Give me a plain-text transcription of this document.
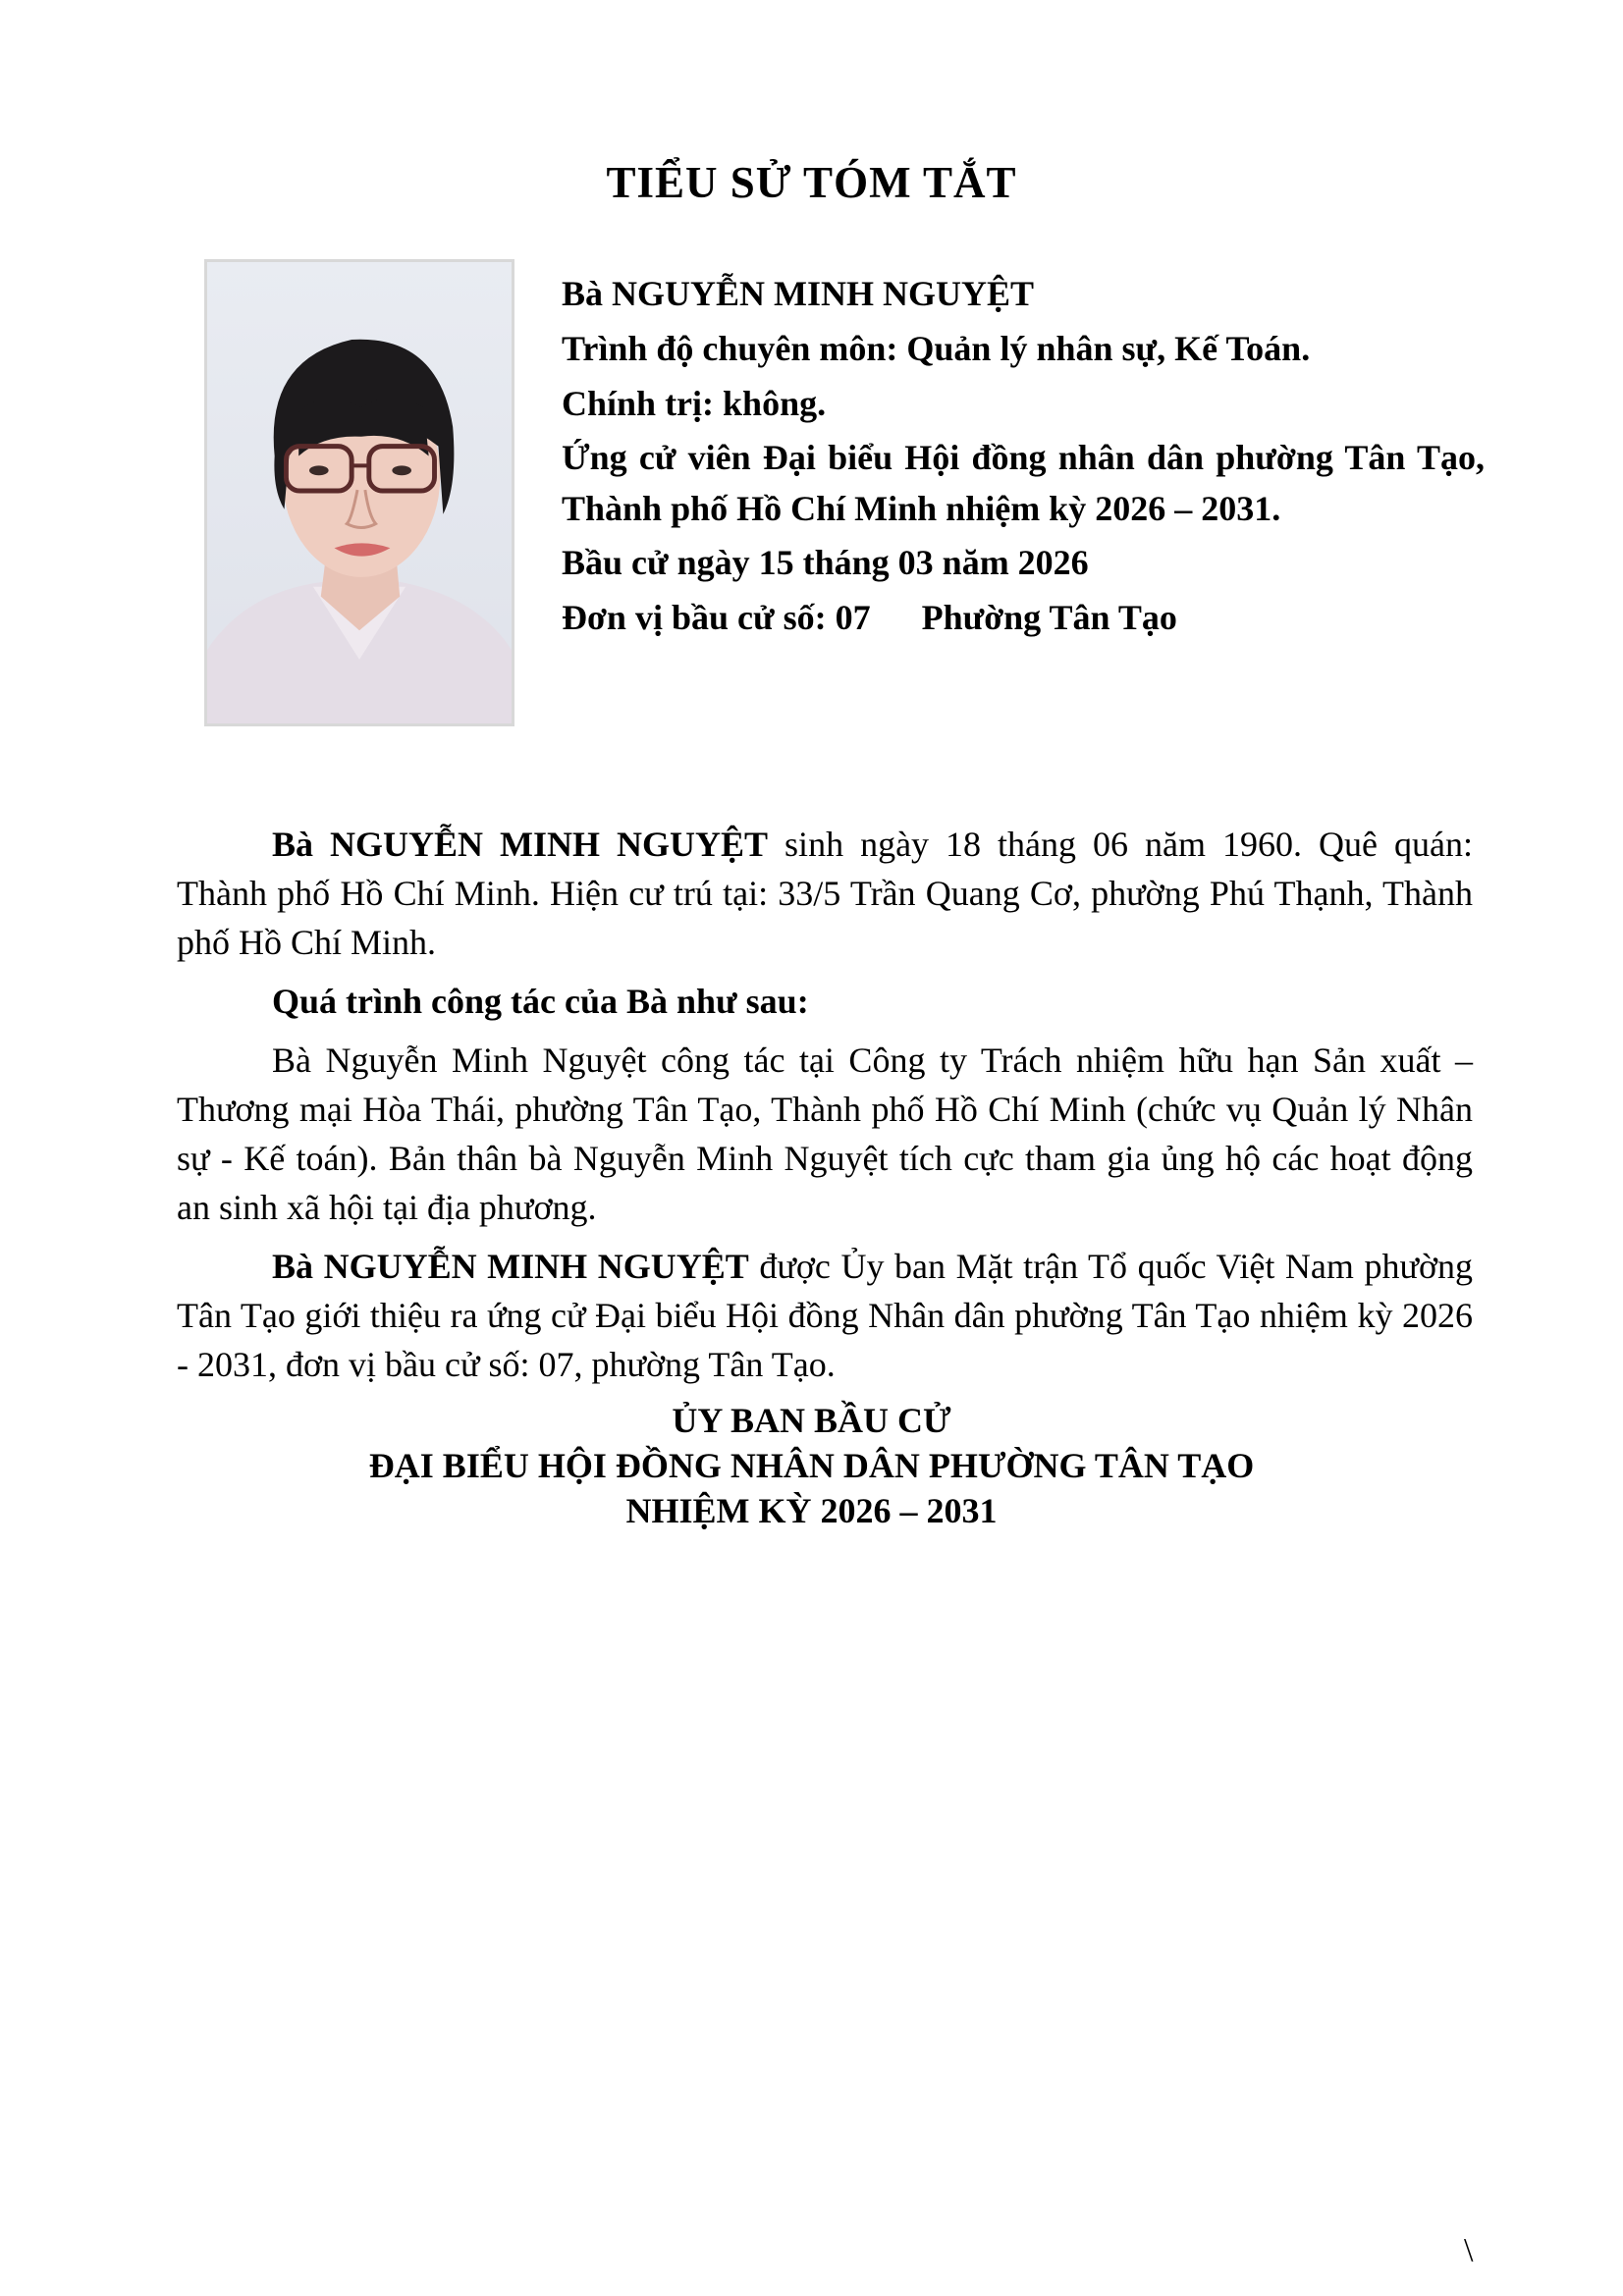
TIỂU SỬ TÓM TẮT
Bà NGUYỄN MINH NGUYỆT
Trình độ chuyên môn: Quản lý nhân sự, Kế Toán.
Chính trị: không.
Ứng cử viên Đại biểu Hội đồng nhân dân phường Tân Tạo, Thành phố Hồ Chí Minh nhiệm kỳ 2026 – 2031.
Bầu cử ngày 15 tháng 03 năm 2026
Đơn vị bầu cử số: 07 Phường Tân Tạo

Bà NGUYỄN MINH NGUYỆT sinh ngày 18 tháng 06 năm 1960. Quê quán: Thành phố Hồ Chí Minh. Hiện cư trú tại: 33/5 Trần Quang Cơ, phường Phú Thạnh, Thành phố Hồ Chí Minh.

Quá trình công tác của Bà như sau:

Bà Nguyễn Minh Nguyệt công tác tại Công ty Trách nhiệm hữu hạn Sản xuất – Thương mại Hòa Thái, phường Tân Tạo, Thành phố Hồ Chí Minh (chức vụ Quản lý Nhân sự - Kế toán). Bản thân bà Nguyễn Minh Nguyệt tích cực tham gia ủng hộ các hoạt động an sinh xã hội tại địa phương.

Bà NGUYỄN MINH NGUYỆT được Ủy ban Mặt trận Tổ quốc Việt Nam phường Tân Tạo giới thiệu ra ứng cử Đại biểu Hội đồng Nhân dân phường Tân Tạo nhiệm kỳ 2026 - 2031, đơn vị bầu cử số: 07, phường Tân Tạo.

ỦY BAN BẦU CỬ
ĐẠI BIỂU HỘI ĐỒNG NHÂN DÂN PHƯỜNG TÂN TẠO
NHIỆM KỲ 2026 – 2031
\
